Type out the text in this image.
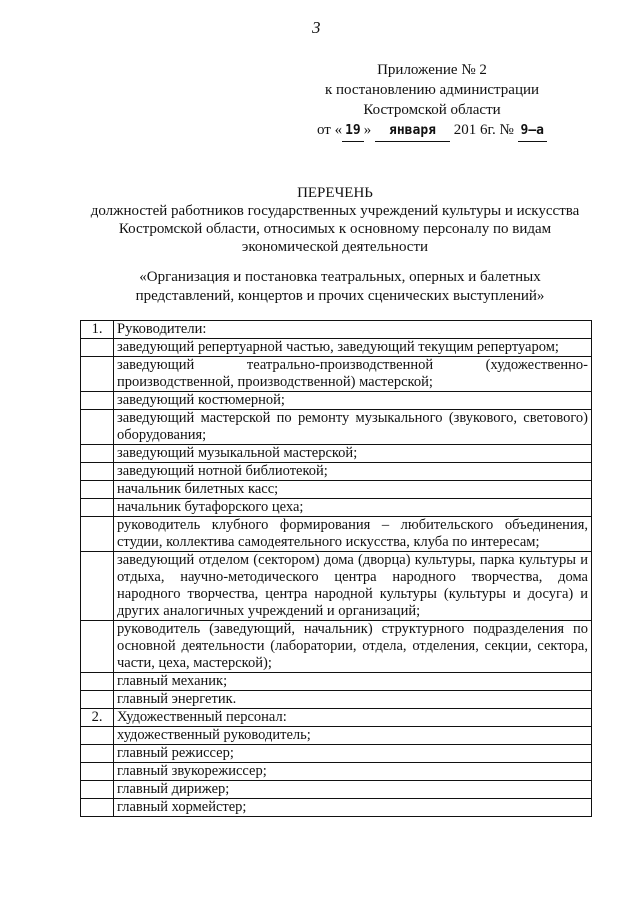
3
Приложение № 2
к постановлению администрации
Костромской области
от « 19 » января 201 6г. № 9–а
ПЕРЕЧЕНЬ
должностей работников государственных учреждений культуры и искусства
Костромской области, относимых к основному персоналу по видам
экономической деятельности
«Организация и постановка театральных, оперных и балетных
представлений, концертов и прочих сценических выступлений»
1.	Руководители:
	заведующий репертуарной частью, заведующий текущим репертуаром;
	заведующий театрально-производственной (художественно-производственной, производственной) мастерской;
	заведующий костюмерной;
	заведующий мастерской по ремонту музыкального (звукового, светового) оборудования;
	заведующий музыкальной мастерской;
	заведующий нотной библиотекой;
	начальник билетных касс;
	начальник бутафорского цеха;
	руководитель клубного формирования – любительского объединения, студии, коллектива самодеятельного искусства, клуба по интересам;
	заведующий отделом (сектором) дома (дворца) культуры, парка культуры и отдыха, научно-методического центра народного творчества, дома народного творчества, центра народной культуры (культуры и досуга) и других аналогичных учреждений и организаций;
	руководитель (заведующий, начальник) структурного подразделения по основной деятельности (лаборатории, отдела, отделения, секции, сектора, части, цеха, мастерской);
	главный механик;
	главный энергетик.
2.	Художественный персонал:
	художественный руководитель;
	главный режиссер;
	главный звукорежиссер;
	главный дирижер;
	главный хормейстер;
